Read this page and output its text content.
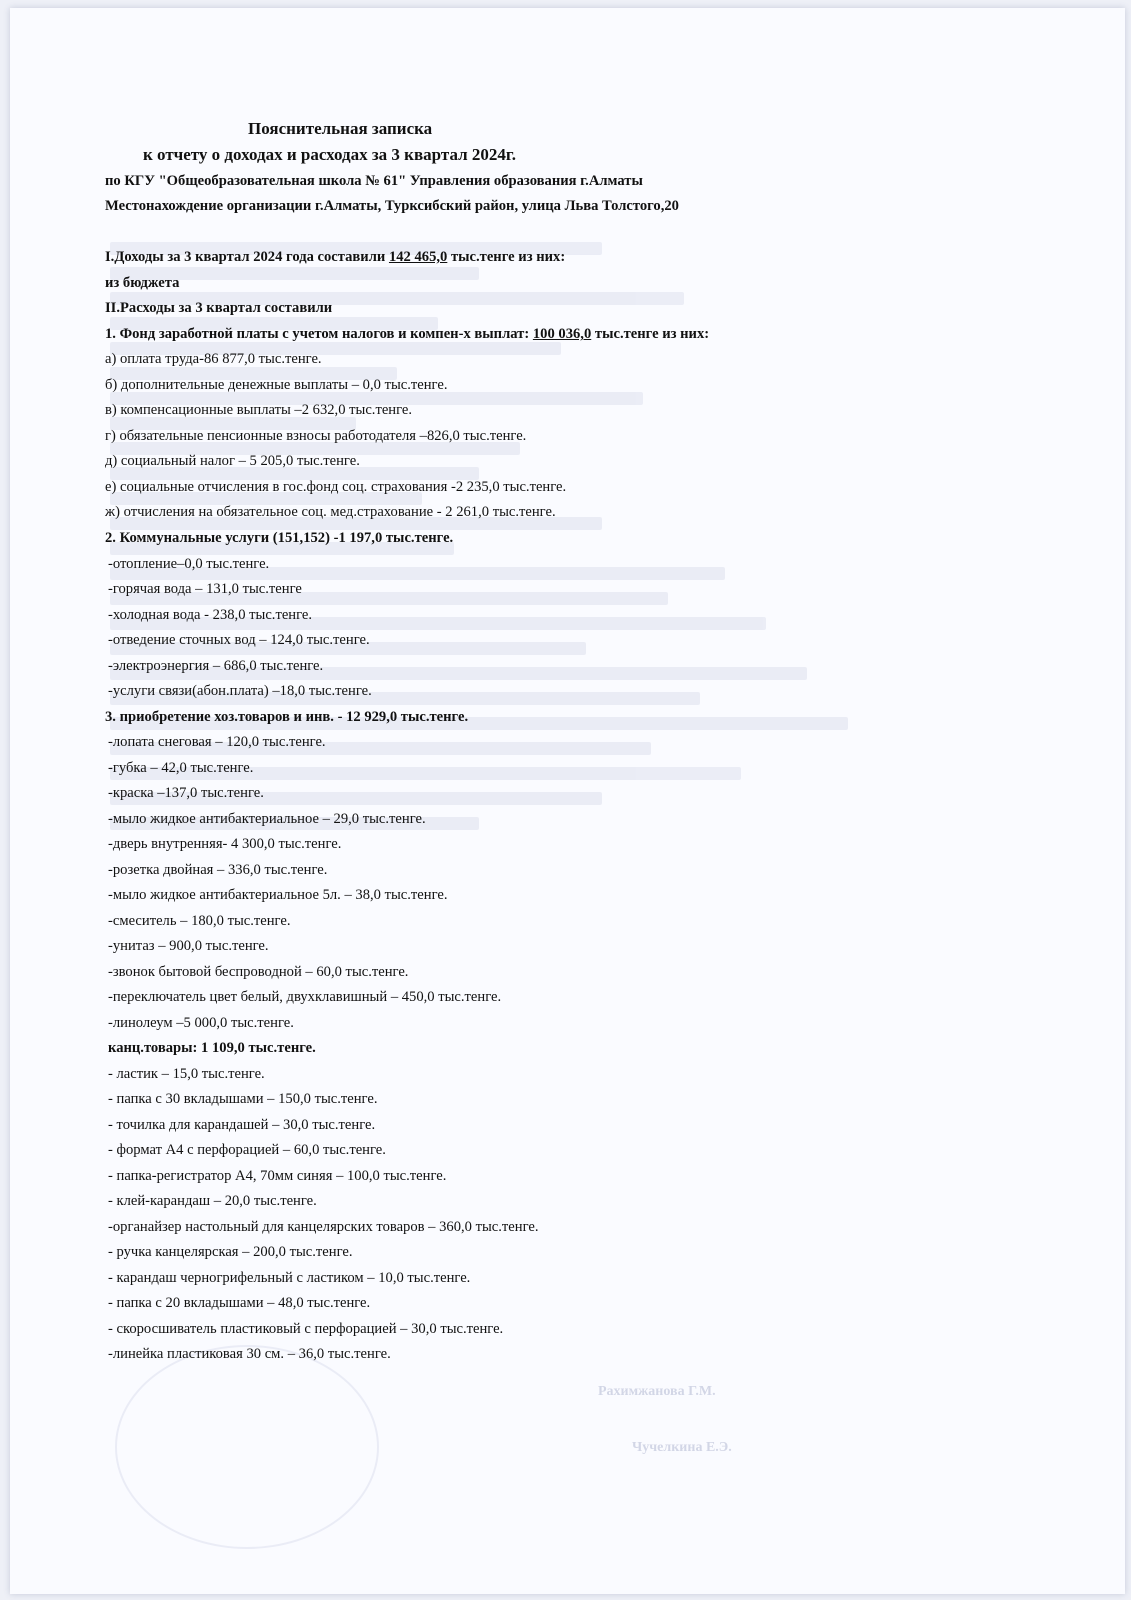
Пояснительная записка
к отчету о доходах и расходах за 3 квартал 2024г.
по КГУ "Общеобразовательная школа № 61" Управления образования г.Алматы
Местонахождение организации г.Алматы, Турксибский район, улица Льва Толстого,20
I.Доходы за 3 квартал 2024 года составили 142 465,0 тыс.тенге из них:
из бюджета
II.Расходы за 3 квартал составили
1. Фонд заработной платы с учетом налогов и компен-х выплат: 100 036,0 тыс.тенге из них:
а) оплата труда-86 877,0 тыс.тенге.
б) дополнительные денежные выплаты – 0,0 тыс.тенге.
в) компенсационные выплаты –2 632,0 тыс.тенге.
г) обязательные пенсионные взносы работодателя –826,0 тыс.тенге.
д) социальный налог – 5 205,0 тыс.тенге.
е) социальные отчисления в гос.фонд соц. страхования -2 235,0 тыс.тенге.
ж) отчисления на обязательное соц. мед.страхование - 2 261,0 тыс.тенге.
2. Коммунальные услуги (151,152) -1 197,0 тыс.тенге.
-отопление–0,0 тыс.тенге.
-горячая вода – 131,0 тыс.тенге
-холодная вода - 238,0 тыс.тенге.
-отведение сточных вод – 124,0 тыс.тенге.
-электроэнергия – 686,0 тыс.тенге.
-услуги связи(абон.плата) –18,0 тыс.тенге.
3. приобретение хоз.товаров и инв. - 12 929,0 тыс.тенге.
-лопата снеговая – 120,0 тыс.тенге.
-губка – 42,0 тыс.тенге.
-краска –137,0 тыс.тенге.
-мыло жидкое антибактериальное – 29,0 тыс.тенге.
-дверь внутренняя- 4 300,0 тыс.тенге.
-розетка двойная – 336,0 тыс.тенге.
-мыло жидкое антибактериальное 5л. – 38,0 тыс.тенге.
-смеситель – 180,0 тыс.тенге.
-унитаз – 900,0 тыс.тенге.
-звонок бытовой беспроводной – 60,0 тыс.тенге.
-переключатель цвет белый, двухклавишный – 450,0 тыс.тенге.
-линолеум –5 000,0 тыс.тенге.
канц.товары: 1 109,0 тыс.тенге.
- ластик – 15,0 тыс.тенге.
- папка с 30 вкладышами – 150,0 тыс.тенге.
- точилка для карандашей – 30,0 тыс.тенге.
- формат А4 с перфорацией – 60,0 тыс.тенге.
- папка-регистратор А4, 70мм синяя – 100,0 тыс.тенге.
- клей-карандаш – 20,0 тыс.тенге.
-органайзер настольный для канцелярских товаров – 360,0 тыс.тенге.
- ручка канцелярская – 200,0 тыс.тенге.
- карандаш черногрифельный с ластиком – 10,0 тыс.тенге.
- папка с 20 вкладышами – 48,0 тыс.тенге.
- скоросшиватель пластиковый с перфорацией – 30,0 тыс.тенге.
-линейка пластиковая 30 см. – 36,0 тыс.тенге.
Рахимжанова Г.М.
Чучелкина Е.Э.
